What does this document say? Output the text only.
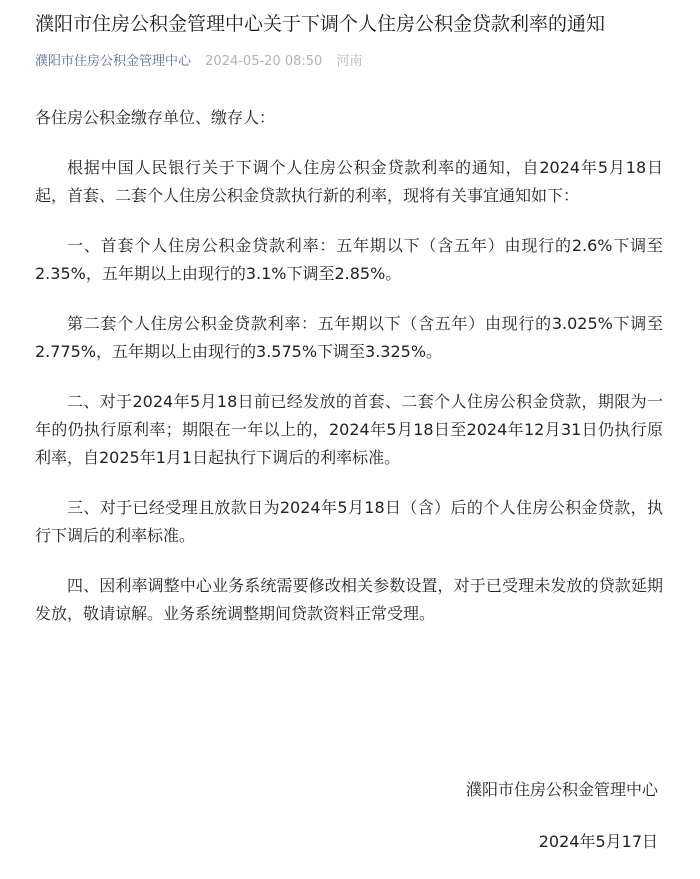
濮阳市住房公积金管理中心关于下调个人住房公积金贷款利率的通知
濮阳市住房公积金管理中心 2024-05-20 08:50 河南

各住房公积金缴存单位、缴存人：

根据中国人民银行关于下调个人住房公积金贷款利率的通知，自2024年5月18日起，首套、二套个人住房公积金贷款执行新的利率，现将有关事宜通知如下：

一、首套个人住房公积金贷款利率：五年期以下（含五年）由现行的2.6%下调至2.35%，五年期以上由现行的3.1%下调至2.85%。

第二套个人住房公积金贷款利率：五年期以下（含五年）由现行的3.025%下调至2.775%，五年期以上由现行的3.575%下调至3.325%。

二、对于2024年5月18日前已经发放的首套、二套个人住房公积金贷款，期限为一年的仍执行原利率；期限在一年以上的，2024年5月18日至2024年12月31日仍执行原利率，自2025年1月1日起执行下调后的利率标准。

三、对于已经受理且放款日为2024年5月18日（含）后的个人住房公积金贷款，执行下调后的利率标准。

四、因利率调整中心业务系统需要修改相关参数设置，对于已受理未发放的贷款延期发放，敬请谅解。业务系统调整期间贷款资料正常受理。

濮阳市住房公积金管理中心
2024年5月17日
